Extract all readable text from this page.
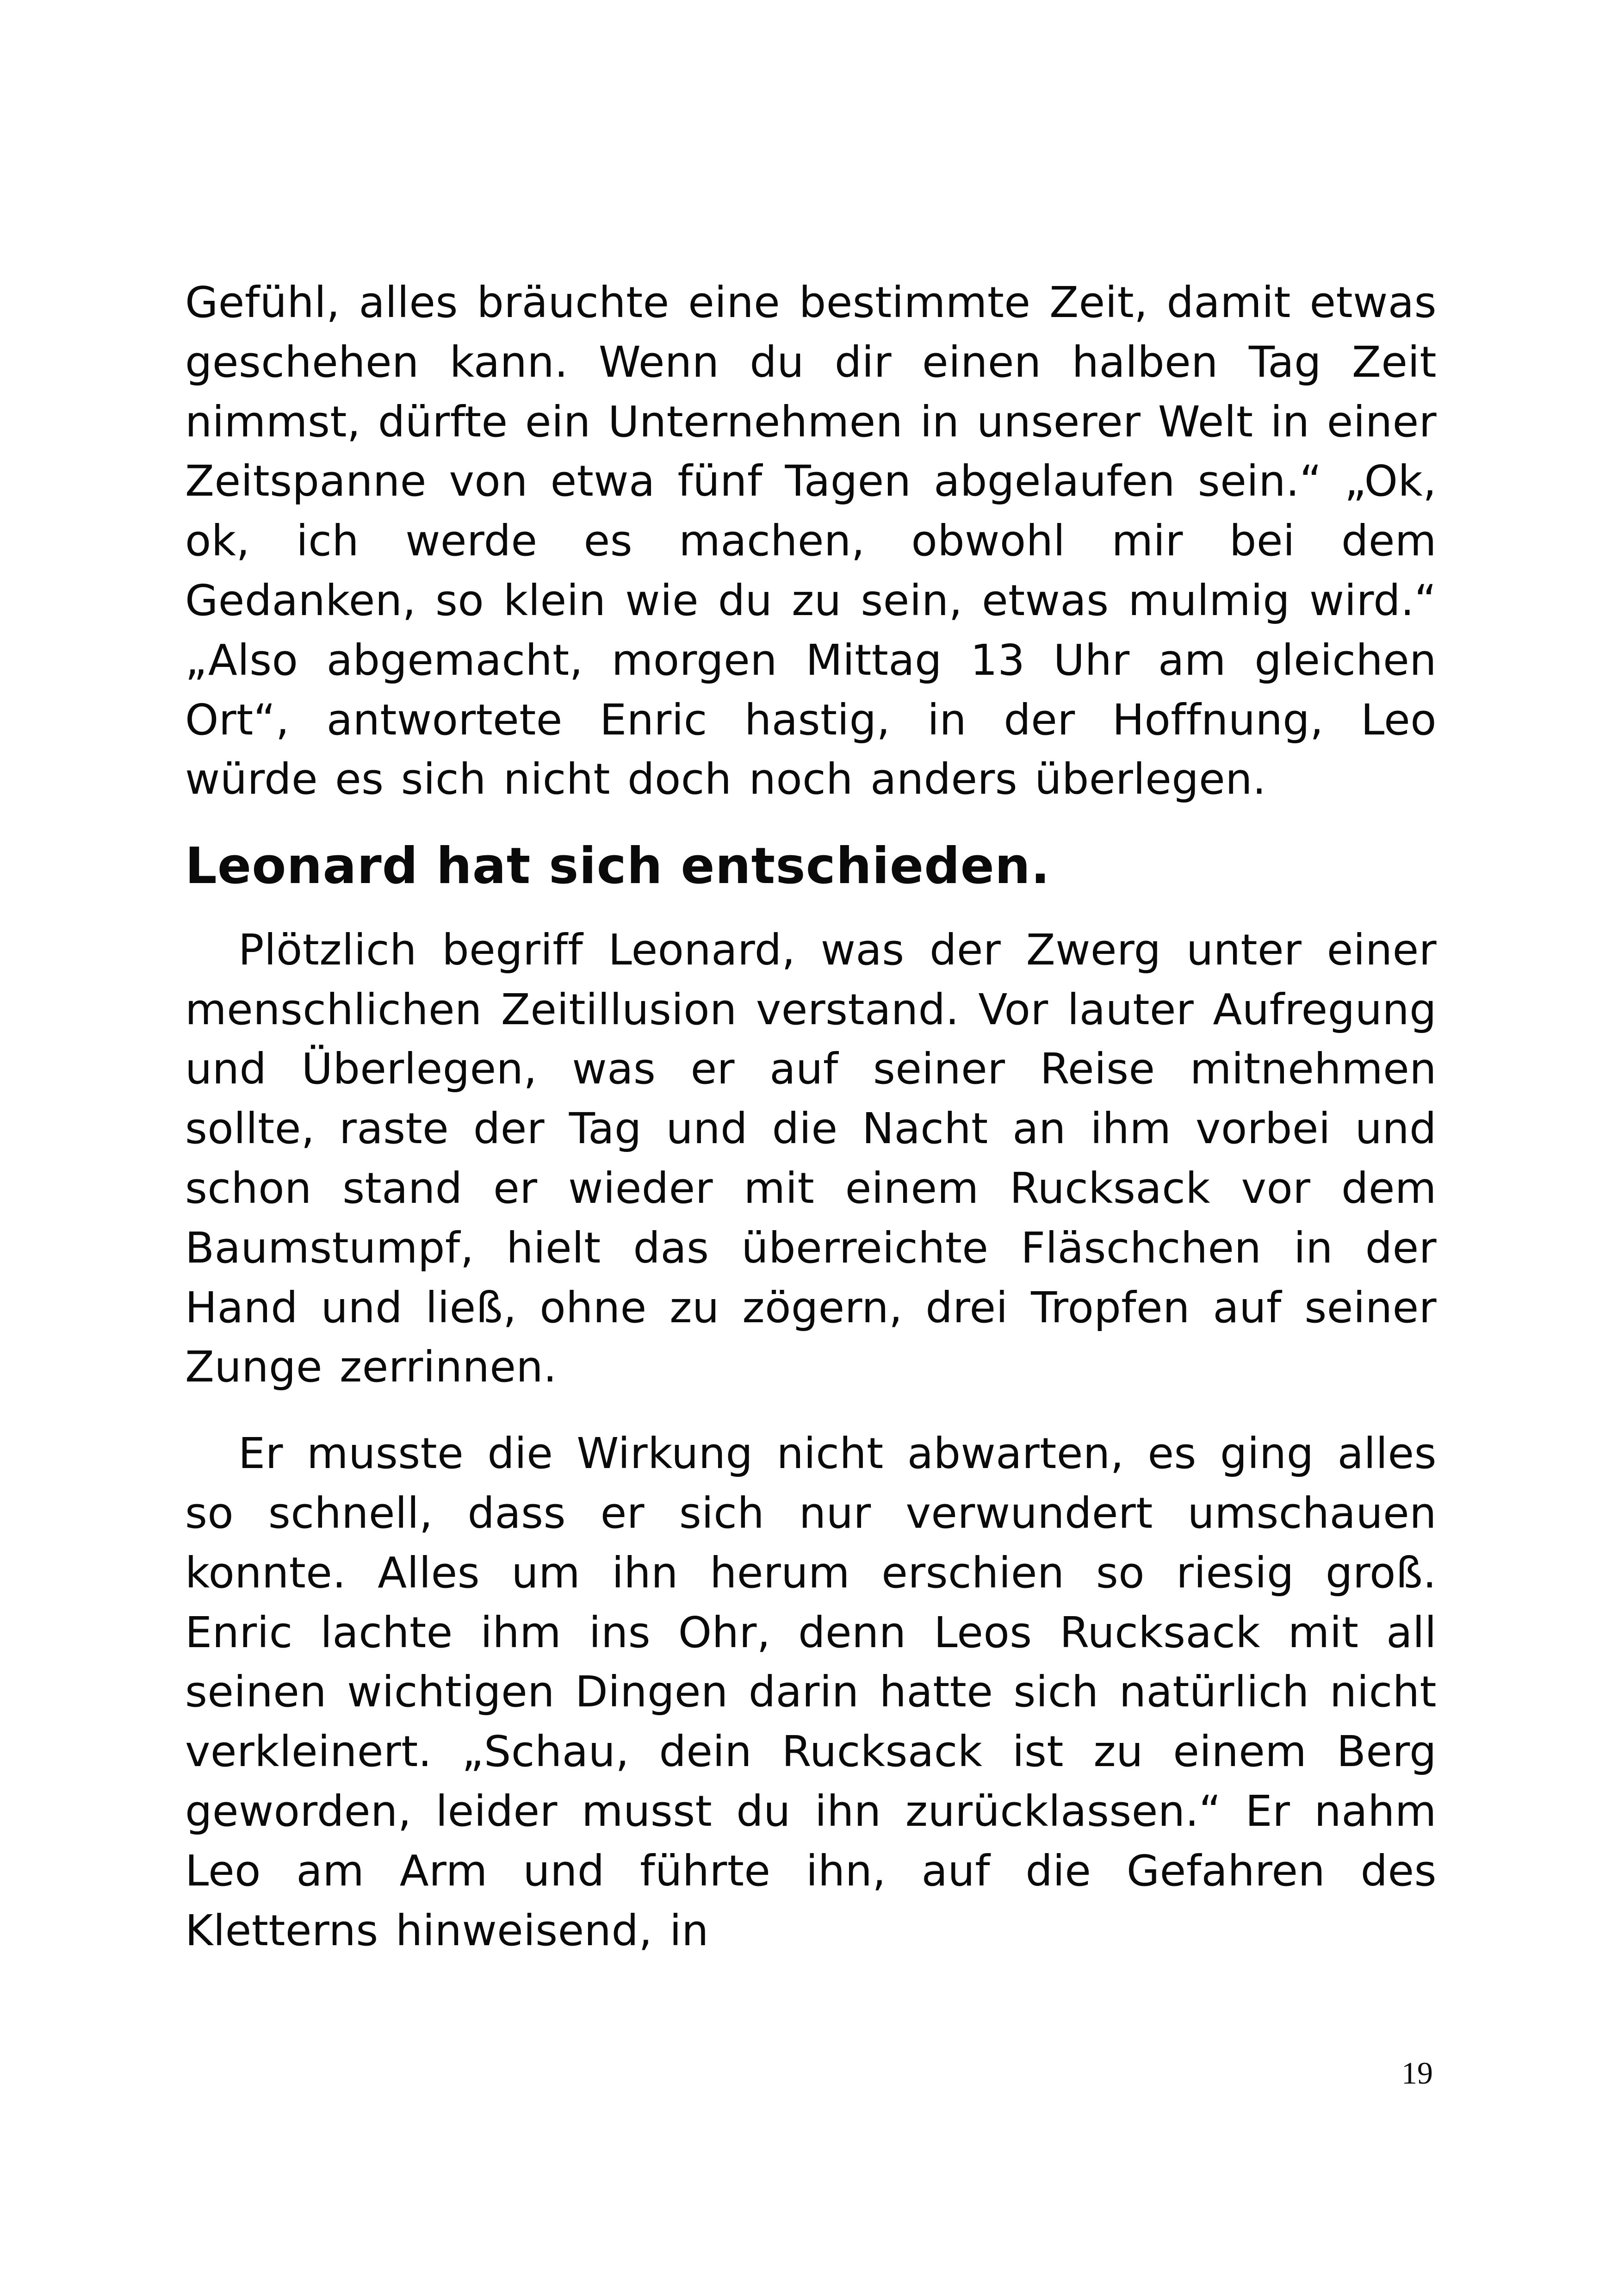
Gefühl, alles bräuchte eine bestimmte Zeit, damit etwas geschehen kann. Wenn du dir einen halben Tag Zeit nimmst, dürfte ein Unternehmen in unserer Welt in einer Zeitspanne von etwa fünf Tagen abgelaufen sein.“ „Ok, ok, ich werde es machen, obwohl mir bei dem Gedanken, so klein wie du zu sein, etwas mulmig wird.“ „Also abgemacht, morgen Mittag 13 Uhr am gleichen Ort“, antwortete Enric hastig, in der Hoffnung, Leo würde es sich nicht doch noch anders überlegen.

Leonard hat sich entschieden.

Plötzlich begriff Leonard, was der Zwerg unter einer menschlichen Zeitillusion verstand. Vor lauter Aufregung und Überlegen, was er auf seiner Reise mitnehmen sollte, raste der Tag und die Nacht an ihm vorbei und schon stand er wieder mit einem Rucksack vor dem Baumstumpf, hielt das überreichte Fläschchen in der Hand und ließ, ohne zu zögern, drei Tropfen auf seiner Zunge zerrinnen.

Er musste die Wirkung nicht abwarten, es ging alles so schnell, dass er sich nur verwundert umschauen konnte. Alles um ihn herum erschien so riesig groß. Enric lachte ihm ins Ohr, denn Leos Rucksack mit all seinen wichtigen Dingen darin hatte sich natürlich nicht verkleinert. „Schau, dein Rucksack ist zu einem Berg geworden, leider musst du ihn zurücklassen.“ Er nahm Leo am Arm und führte ihn, auf die Gefahren des Kletterns hinweisend, in

19
